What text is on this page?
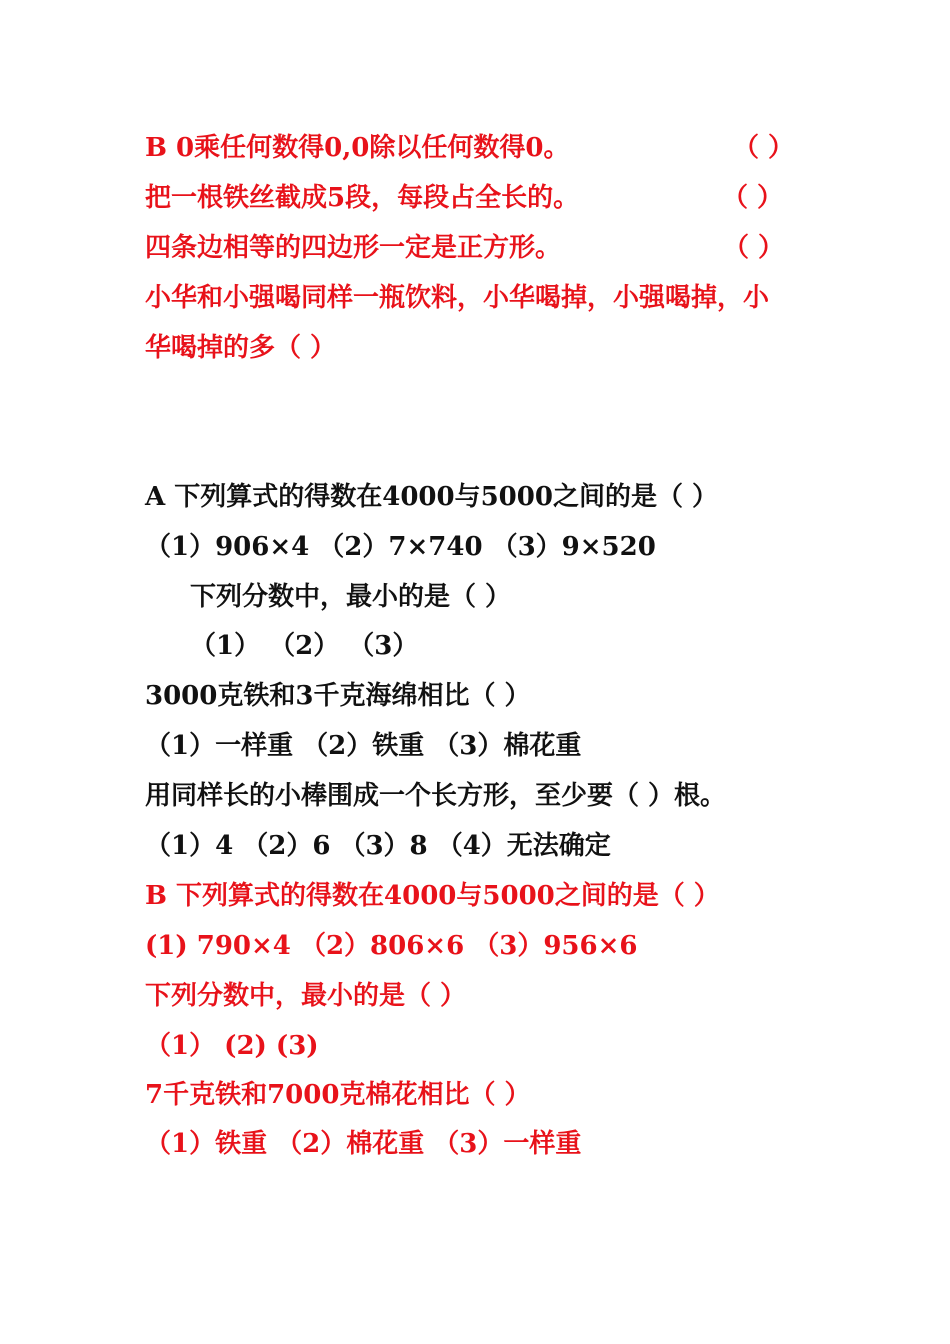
B 0乘任何数得0,0除以任何数得0。	（ ）
把一根铁丝截成5段，每段占全长的。	（ ）
四条边相等的四边形一定是正方形。	（ ）
小华和小强喝同样一瓶饮料，小华喝掉，小强喝掉，小
华喝掉的多（ ）
A 下列算式的得数在4000与5000之间的是（ ）
（1）906×4 （2）7×740 （3）9×520
下列分数中，最小的是（ ）
（1） （2） （3）
3000克铁和3千克海绵相比（ ）
（1）一样重 （2）铁重 （3）棉花重
用同样长的小棒围成一个长方形，至少要（ ）根。
（1）4 （2）6 （3）8 （4）无法确定
B 下列算式的得数在4000与5000之间的是（ ）
(1) 790×4 （2）806×6 （3）956×6
下列分数中，最小的是（ ）
（1） (2) (3)
7千克铁和7000克棉花相比（ ）
（1）铁重 （2）棉花重 （3）一样重
